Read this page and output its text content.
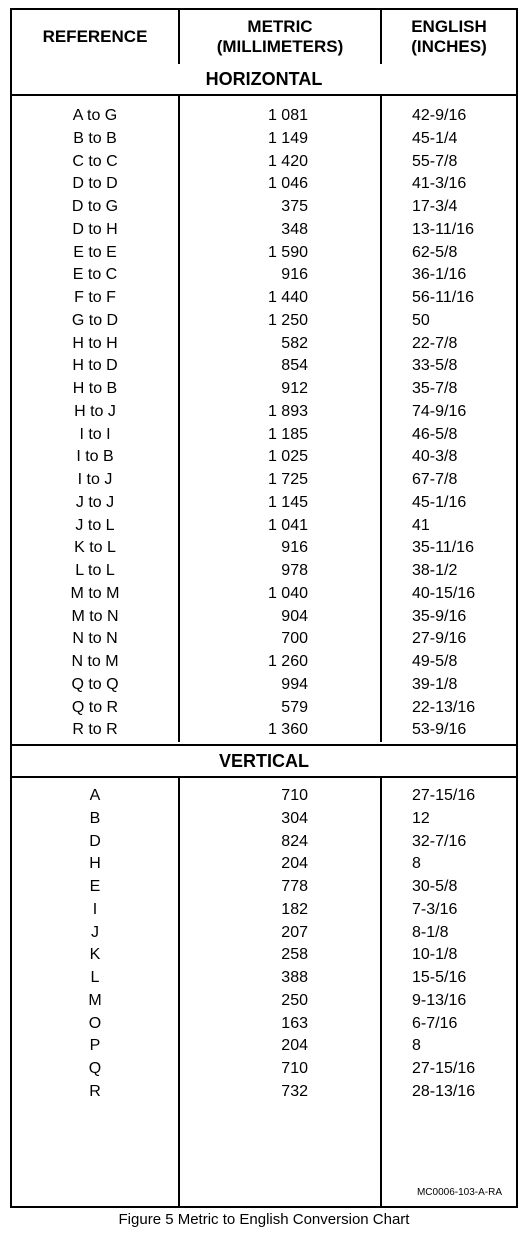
REFERENCE
METRIC
(MILLIMETERS)
ENGLISH
(INCHES)
HORIZONTAL
A to G	1 081	42-9/16
B to B	1 149	45-1/4
C to C	1 420	55-7/8
D to D	1 046	41-3/16
D to G	375	17-3/4
D to H	348	13-11/16
E to E	1 590	62-5/8
E to C	916	36-1/16
F to F	1 440	56-11/16
G to D	1 250	50
H to H	582	22-7/8
H to D	854	33-5/8
H to B	912	35-7/8
H to J	1 893	74-9/16
I to I	1 185	46-5/8
I to B	1 025	40-3/8
I to J	1 725	67-7/8
J to J	1 145	45-1/16
J to L	1 041	41
K to L	916	35-11/16
L to L	978	38-1/2
M to M	1 040	40-15/16
M to N	904	35-9/16
N to N	700	27-9/16
N to M	1 260	49-5/8
Q to Q	994	39-1/8
Q to R	579	22-13/16
R to R	1 360	53-9/16
VERTICAL
A	710	27-15/16
B	304	12
D	824	32-7/16
H	204	8
E	778	30-5/8
I	182	7-3/16
J	207	8-1/8
K	258	10-1/8
L	388	15-5/16
M	250	9-13/16
O	163	6-7/16
P	204	8
Q	710	27-15/16
R	732	28-13/16
MC0006-103-A-RA
Figure 5 Metric to English Conversion Chart
